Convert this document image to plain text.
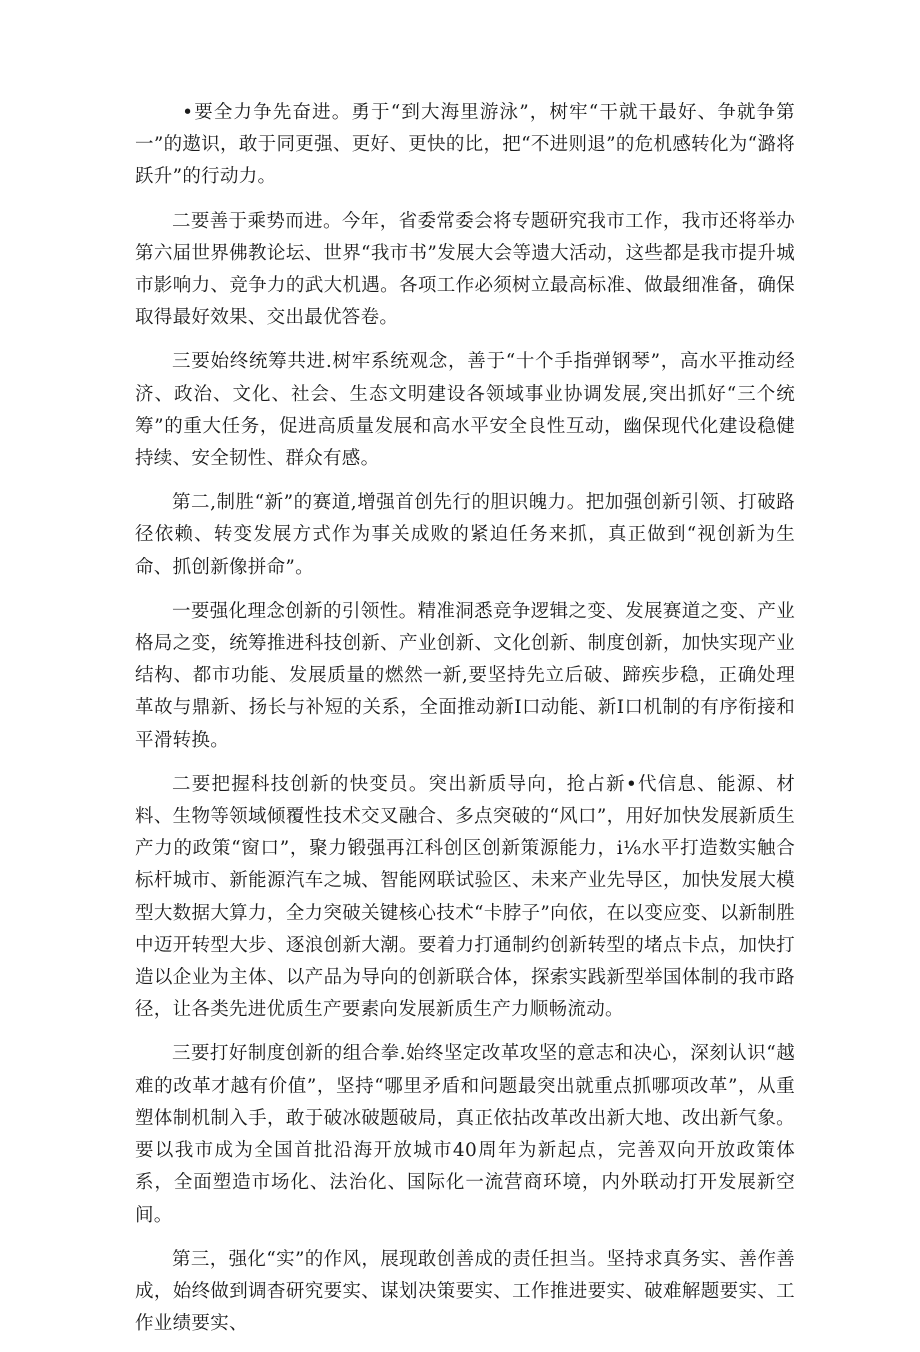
•要全力争先奋进。勇于“到大海里游泳”，树牢“干就干最好、争就争第一”的遨识，敢于同更强、更好、更快的比，把“不进则退”的危机感转化为“潞将跃升”的行动力。

二要善于乘势而进。今年，省委常委会将专题研究我市工作，我市还将举办第六届世界佛教论坛、世界“我市书”发展大会等遗大活动，这些都是我市提升城市影响力、竞争力的武大机遇。各项工作必须树立最高标准、做最细准备，确保取得最好效果、交出最优答卷。

三要始终统筹共进.树牢系统观念，善于“十个手指弹钢琴”，高水平推动经济、政治、文化、社会、生态文明建设各领域事业协调发展,突出抓好“三个统筹”的重大任务，促进高质量发展和高水平安全良性互动，幽保现代化建设稳健持续、安全韧性、群众有感。

第二,制胜“新”的赛道,增强首创先行的胆识魄力。把加强创新引领、打破路径依赖、转变发展方式作为事关成败的紧迫任务来抓，真正做到“视创新为生命、抓创新像拼命”。

一要强化理念创新的引领性。精准洞悉竞争逻辑之变、发展赛道之变、产业格局之变，统筹推进科技创新、产业创新、文化创新、制度创新，加快实现产业结构、都市功能、发展质量的燃然一新,要坚持先立后破、蹄疾步稳，正确处理革故与鼎新、扬长与补短的关系，全面推动新I口动能、新I口机制的有序衔接和平滑转换。

二要把握科技创新的快变员。突出新质导向，抢占新•代信息、能源、材料、生物等领域倾覆性技术交叉融合、多点突破的“风口”，用好加快发展新质生产力的政策“窗口”，聚力锻强再江科创区创新策源能力，i⅛水平打造数实触合标杆城市、新能源汽车之城、智能网联试验区、未来产业先导区，加快发展大模型大数据大算力，全力突破关键核心技术“卡脖子”向依，在以变应变、以新制胜中迈开转型大步、逐浪创新大潮。要着力打通制约创新转型的堵点卡点，加快打造以企业为主体、以产品为导向的创新联合体，探索实践新型举国体制的我市路径，让各类先进优质生产要素向发展新质生产力顺畅流动。

三要打好制度创新的组合拳.始终坚定改革攻坚的意志和决心，深刻认识“越难的改革才越有价值”，坚持“哪里矛盾和问题最突出就重点抓哪项改革”，从重塑体制机制入手，敢于破冰破题破局，真正依拈改革改出新大地、改出新气象。要以我市成为全国首批沿海开放城市40周年为新起点，完善双向开放政策体系，全面塑造市场化、法治化、国际化一流营商环境，内外联动打开发展新空间。

第三，强化“实”的作风，展现敢创善成的责任担当。坚持求真务实、善作善成，始终做到调杳研究要实、谋划决策要实、工作推进要实、破难解题要实、工作业绩要实、
